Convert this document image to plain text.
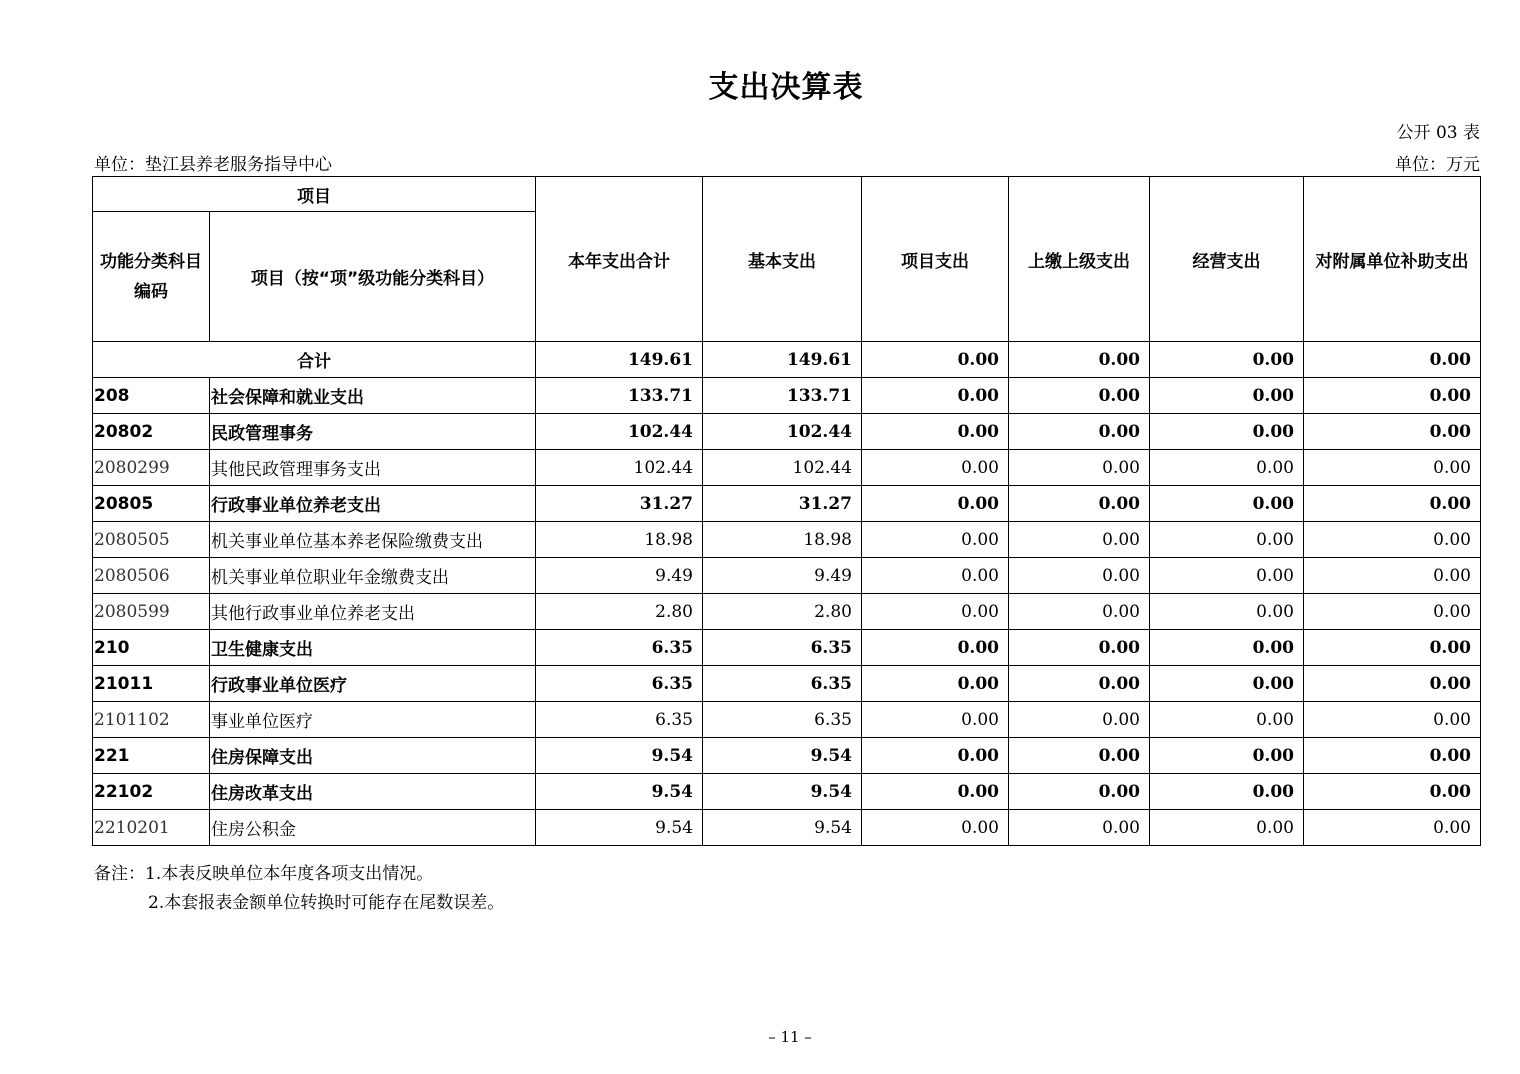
支出决算表
公开 03 表
单位：垫江县养老服务指导中心	单位：万元
项目		本年支出合计	基本支出	项目支出	上缴上级支出	经营支出	对附属单位补助支出
功能分类科目编码	项目（按“项”级功能分类科目）						
合计		149.61	149.61	0.00	0.00	0.00	0.00
208	社会保障和就业支出	133.71	133.71	0.00	0.00	0.00	0.00
20802	民政管理事务	102.44	102.44	0.00	0.00	0.00	0.00
2080299	其他民政管理事务支出	102.44	102.44	0.00	0.00	0.00	0.00
20805	行政事业单位养老支出	31.27	31.27	0.00	0.00	0.00	0.00
2080505	机关事业单位基本养老保险缴费支出	18.98	18.98	0.00	0.00	0.00	0.00
2080506	机关事业单位职业年金缴费支出	9.49	9.49	0.00	0.00	0.00	0.00
2080599	其他行政事业单位养老支出	2.80	2.80	0.00	0.00	0.00	0.00
210	卫生健康支出	6.35	6.35	0.00	0.00	0.00	0.00
21011	行政事业单位医疗	6.35	6.35	0.00	0.00	0.00	0.00
2101102	事业单位医疗	6.35	6.35	0.00	0.00	0.00	0.00
221	住房保障支出	9.54	9.54	0.00	0.00	0.00	0.00
22102	住房改革支出	9.54	9.54	0.00	0.00	0.00	0.00
2210201	住房公积金	9.54	9.54	0.00	0.00	0.00	0.00
备注：1.本表反映单位本年度各项支出情况。
2.本套报表金额单位转换时可能存在尾数误差。
– 11 –
